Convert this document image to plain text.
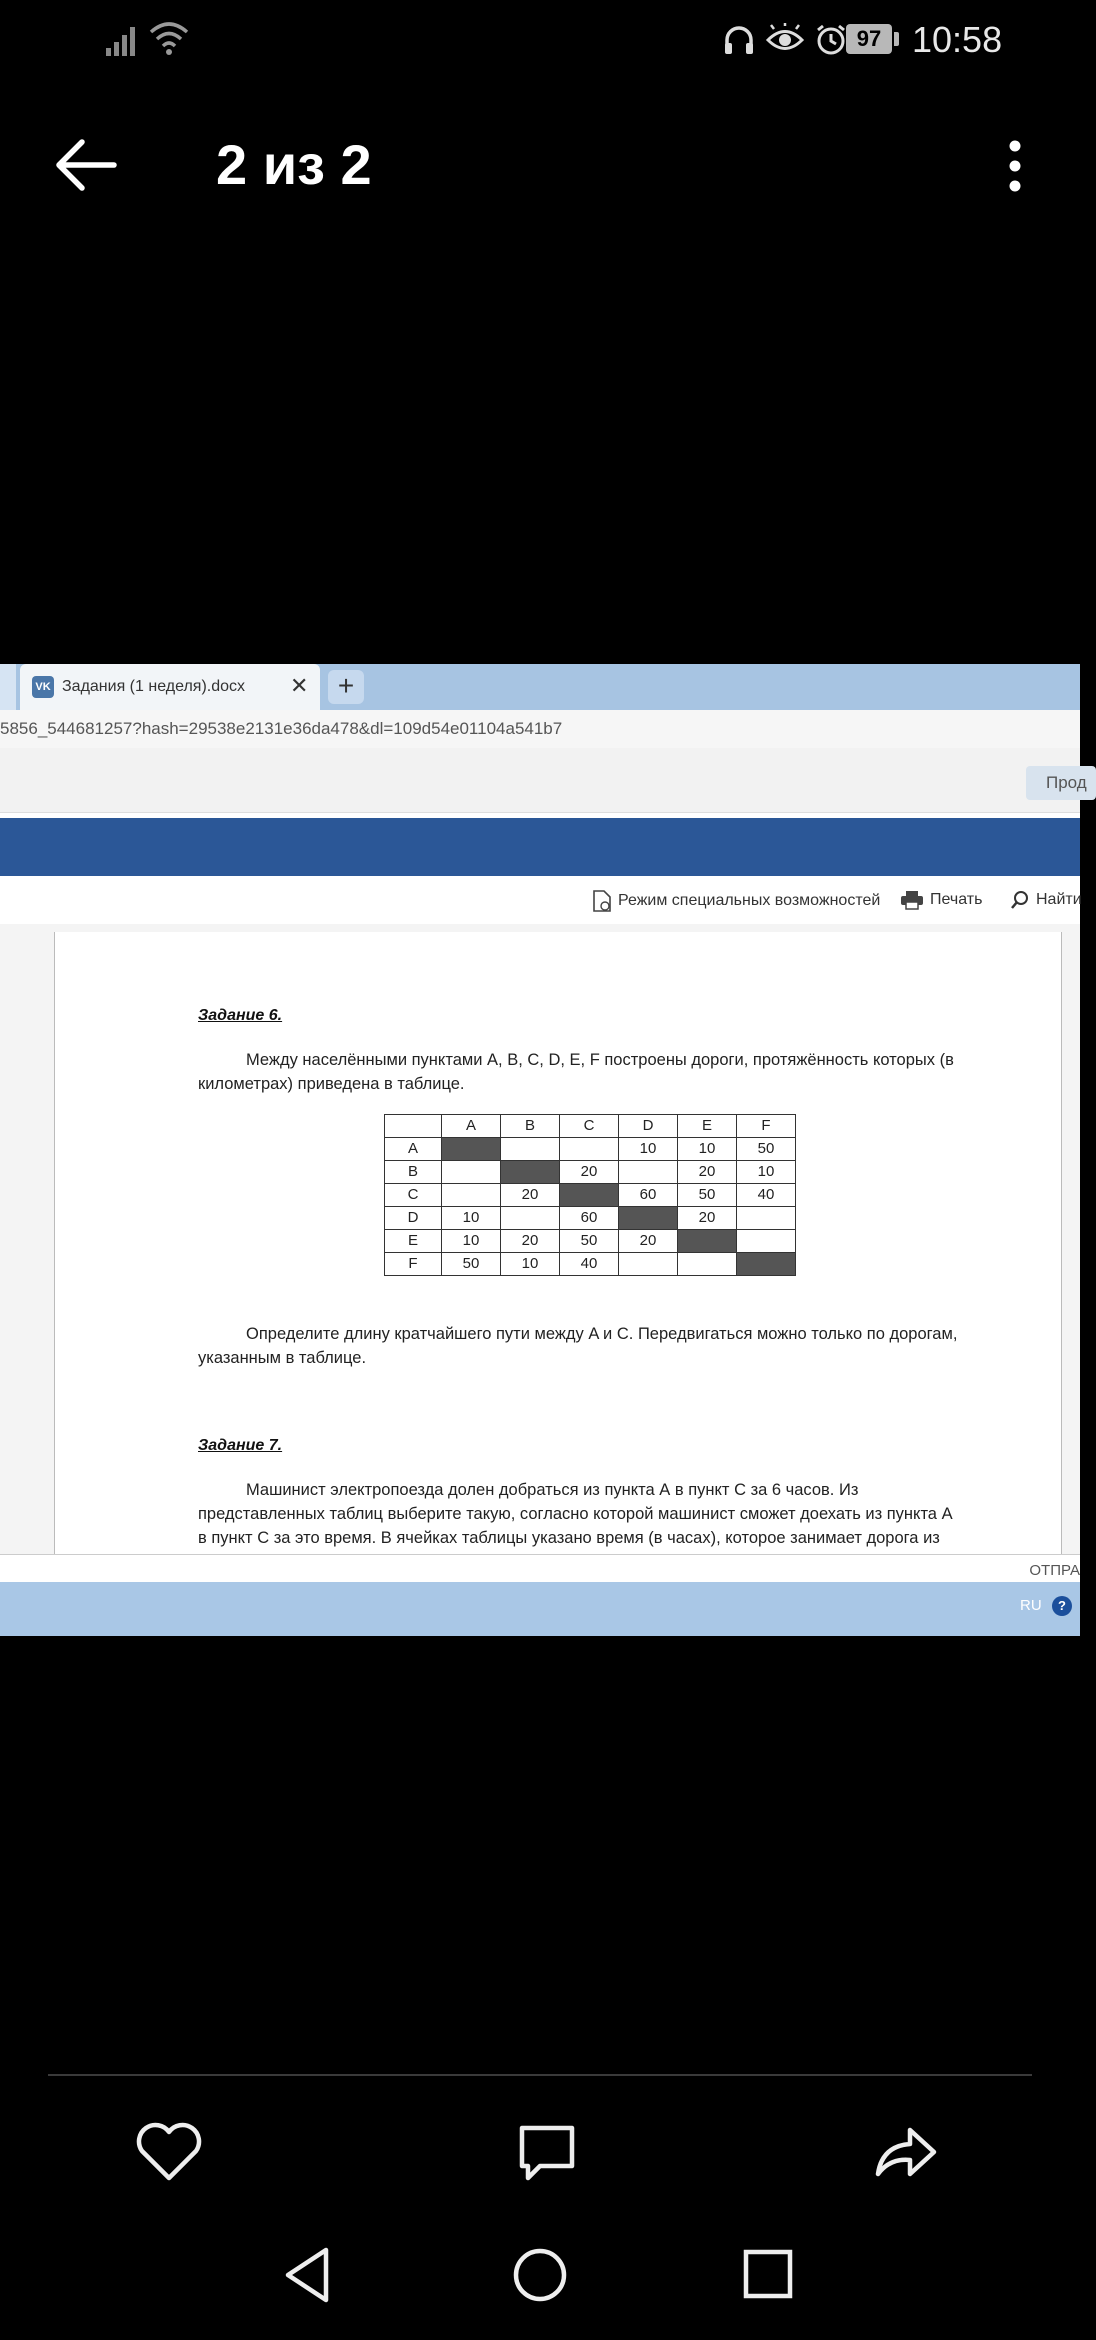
97 10:58
2 из 2
VK Задания (1 неделя).docx ✕	+
5856_544681257?hash=29538e2131e36da478&dl=109d54e01104a541b7
Прод
Режим специальных возможностей	Печать	Найти
Задание 6.
Между населёнными пунктами A, B, C, D, E, F построены дороги, протяжённость которых (в
километрах) приведена в таблице.
	A	B	C	D	E	F
A				10	10	50
B			20		20	10
C		20		60	50	40
D	10		60		20	
E	10	20	50	20		
F	50	10	40			
Определите длину кратчайшего пути между A и C. Передвигаться можно только по дорогам,
указанным в таблице.
Задание 7.
Машинист электропоезда долен добраться из пункта А в пункт С за 6 часов. Из
представленных таблиц выберите такую, согласно которой машинист сможет доехать из пункта А
в пункт С за это время. В ячейках таблицы указано время (в часах), которое занимает дорога из
ОТПРА
RU	?
